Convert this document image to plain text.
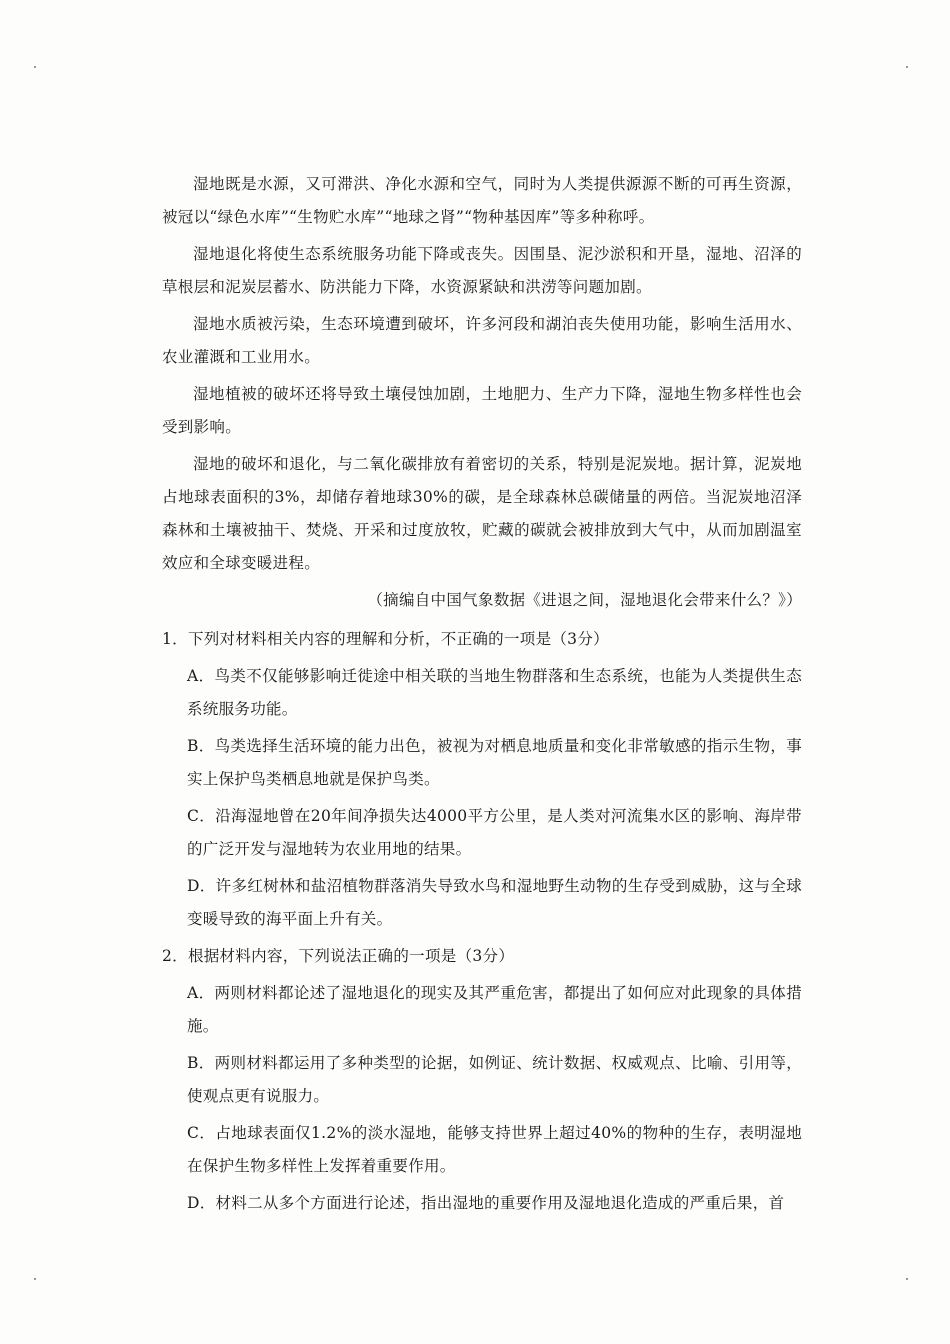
湿地既是水源，又可滞洪、净化水源和空气，同时为人类提供源源不断的可再生资源，被冠以“绿色水库”“生物贮水库”“地球之肾”“物种基因库”等多种称呼。

湿地退化将使生态系统服务功能下降或丧失。因围垦、泥沙淤积和开垦，湿地、沼泽的草根层和泥炭层蓄水、防洪能力下降，水资源紧缺和洪涝等问题加剧。

湿地水质被污染，生态环境遭到破坏，许多河段和湖泊丧失使用功能，影响生活用水、农业灌溉和工业用水。

湿地植被的破坏还将导致土壤侵蚀加剧，土地肥力、生产力下降，湿地生物多样性也会受到影响。

湿地的破坏和退化，与二氧化碳排放有着密切的关系，特别是泥炭地。据计算，泥炭地占地球表面积的3%，却储存着地球30%的碳，是全球森林总碳储量的两倍。当泥炭地沼泽森林和土壤被抽干、焚烧、开采和过度放牧，贮藏的碳就会被排放到大气中，从而加剧温室效应和全球变暖进程。

（摘编自中国气象数据《进退之间，湿地退化会带来什么？》）
1．下列对材料相关内容的理解和分析，不正确的一项是（3分）
A．鸟类不仅能够影响迁徙途中相关联的当地生物群落和生态系统，也能为人类提供生态系统服务功能。
B．鸟类选择生活环境的能力出色，被视为对栖息地质量和变化非常敏感的指示生物，事实上保护鸟类栖息地就是保护鸟类。
C．沿海湿地曾在20年间净损失达4000平方公里，是人类对河流集水区的影响、海岸带的广泛开发与湿地转为农业用地的结果。
D．许多红树林和盐沼植物群落消失导致水鸟和湿地野生动物的生存受到威胁，这与全球变暖导致的海平面上升有关。
2．根据材料内容，下列说法正确的一项是（3分）
A．两则材料都论述了湿地退化的现实及其严重危害，都提出了如何应对此现象的具体措施。
B．两则材料都运用了多种类型的论据，如例证、统计数据、权威观点、比喻、引用等，使观点更有说服力。
C．占地球表面仅1.2%的淡水湿地，能够支持世界上超过40%的物种的生存，表明湿地在保护生物多样性上发挥着重要作用。
D．材料二从多个方面进行论述，指出湿地的重要作用及湿地退化造成的严重后果，首
